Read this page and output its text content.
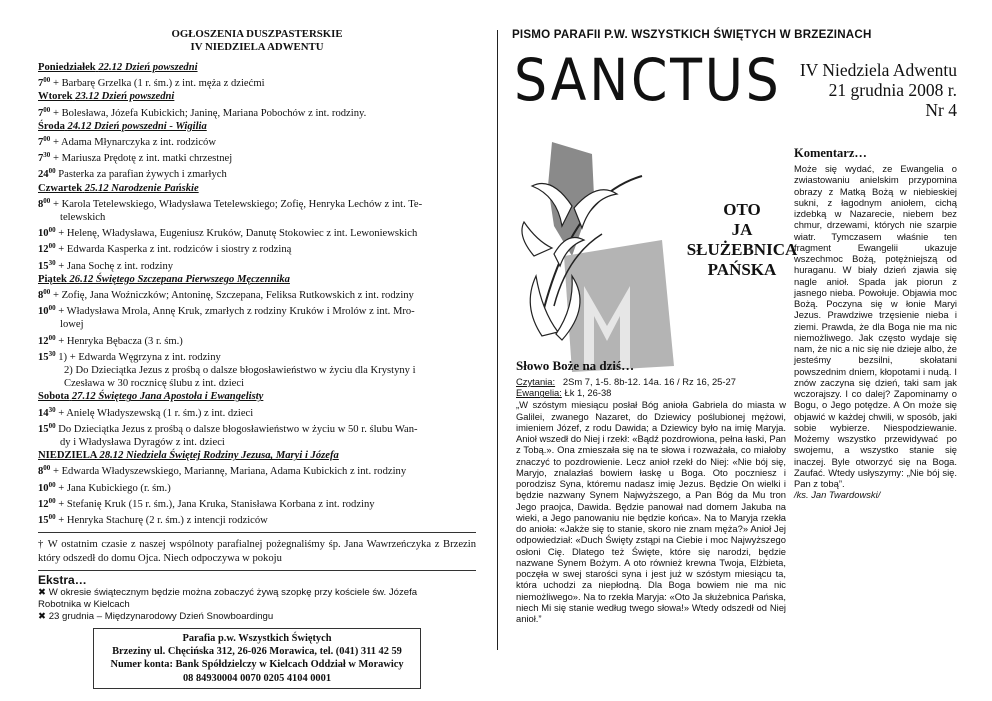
OGŁOSZENIA DUSZPASTERSKIE
IV NIEDZIELA ADWENTU
Poniedziałek 22.12 Dzień powszedni
$7^{00}$ + Barbarę Grzelka (1 r. śm.) z int. męża z dziećmi
Wtorek 23.12 Dzień powszedni
$7^{00}$ + Bolesława, Józefa Kubickich; Janinę, Mariana Pobochów z int. rodziny.
Środa 24.12 Dzień powszedni - Wigilia
$7^{00}$ + Adama Młynarczyka z int. rodziców
$7^{30}$ + Mariusza Prędotę z int. matki chrzestnej
$24^{00}$ Pasterka za parafian żywych i zmarłych
Czwartek 25.12 Narodzenie Pańskie
$8^{00}$ + Karola Tetelewskiego, Władysława Tetelewskiego; Zofię, Henryka Lechów z int. Te-
telewskich
$10^{00}$ + Helenę, Władysława, Eugeniusz Kruków, Danutę Stokowiec z int. Lewoniewskich
$12^{00}$ + Edwarda Kasperka z int. rodziców i siostry z rodziną
$15^{30}$ + Jana Sochę z int. rodziny
Piątek 26.12 Świętego Szczepana Pierwszego Męczennika
$8^{00}$ + Zofię, Jana Woźniczków; Antoninę, Szczepana, Feliksa Rutkowskich z int. rodziny
$10^{00}$ + Władysława Mrola, Annę Kruk, zmarłych z rodziny Kruków i Mrolów z int. Mro-
lowej
$12^{00}$ + Henryka Bębacza (3 r. śm.)
$15^{30}$ 1) + Edwarda Węgrzyna z int. rodziny
2) Do Dzieciątka Jezus z prośbą o dalsze błogosławieństwo w życiu dla Krystyny i
Czesława w 30 rocznicę ślubu z int. dzieci
Sobota 27.12 Świętego Jana Apostoła i Ewangelisty
$14^{30}$ + Anielę Władyszewską (1 r. śm.) z int. dzieci
$15^{00}$ Do Dzieciątka Jezus z prośbą o dalsze błogosławieństwo w życiu w 50 r. ślubu Wan-
dy i Władysława Dyragów z int. dzieci
NIEDZIELA 28.12 Niedziela Świętej Rodziny Jezusa, Maryi i Józefa
$8^{00}$ + Edwarda Władyszewskiego, Mariannę, Mariana, Adama Kubickich z int. rodziny
$10^{00}$ + Jana Kubickiego (r. śm.)
$12^{00}$ + Stefanię Kruk (15 r. śm.), Jana Kruka, Stanisława Korbana z int. rodziny
$15^{00}$ + Henryka Stachurę (2 r. śm.) z intencji rodziców
† W ostatnim czasie z naszej wspólnoty parafialnej pożegnaliśmy śp. Jana Wawrzeńczyka z Brzezin który odszedł do domu Ojca. Niech odpoczywa w pokoju
Ekstra…
✖ W okresie świątecznym będzie można zobaczyć żywą szopkę przy kościele św. Józefa
Robotnika w Kielcach
✖ 23 grudnia – Międzynarodowy Dzień Snowboardingu
Parafia p.w. Wszystkich Świętych
Brzeziny ul. Chęcińska 312, 26-026 Morawica, tel. (041) 311 42 59
Numer konta: Bank Spółdzielczy w Kielcach Oddział w Morawicy
08 84930004 0070 0205 4104 0001
PISMO PARAFII P.W. WSZYSTKICH ŚWIĘTYCH W BRZEZINACH
SANCTUS IV Niedziela Adwentu
21 grudnia 2008 r.
Nr 4
OTO
JA
SŁUŻEBNICA
PAŃSKA
Słowo Boże na dziś…
Czytania: 2Sm 7, 1-5. 8b-12. 14a. 16 / Rz 16, 25-27
Ewangelia: Łk 1, 26-38
„W szóstym miesiącu posłał Bóg anioła Gabriela do miasta w Galilei, zwanego Nazaret, do Dziewicy poślubionej mężowi, imieniem Józef, z rodu Dawida; a Dziewicy było na imię Maryja. Anioł wszedł do Niej i rzekł: «Bądź pozdrowiona, pełna łaski, Pan z Tobą.». Ona zmieszała się na te słowa i rozważała, co miałoby znaczyć to pozdrowienie. Lecz anioł rzekł do Niej: «Nie bój się, Maryjo, znalazłaś bowiem łaskę u Boga. Oto poczniesz i porodzisz Syna, któremu nadasz imię Jezus. Będzie On wielki i będzie nazwany Synem Najwyższego, a Pan Bóg da Mu tron Jego praojca, Dawida. Będzie panował nad domem Jakuba na wieki, a Jego panowaniu nie będzie końca». Na to Maryja rzekła do anioła: «Jakże się to stanie, skoro nie znam męża?» Anioł Jej odpowiedział: «Duch Święty zstąpi na Ciebie i moc Najwyższego osłoni Cię. Dlatego też Święte, które się narodzi, będzie nazwane Synem Bożym. A oto również krewna Twoja, Elżbieta, poczęła w swej starości syna i jest już w szóstym miesiącu ta, która uchodzi za niepłodną. Dla Boga bowiem nie ma nic niemożliwego». Na to rzekła Maryja: «Oto Ja służebnica Pańska, niech Mi się stanie według twego słowa!» Wtedy odszedł od Niej anioł.”
Komentarz…
Może się wydać, ze Ewangelia o zwiastowaniu anielskim przypomina obrazy z Matką Bożą w niebieskiej sukni, z łagodnym aniołem, cichą izdebką w Nazarecie, niebem bez chmur, drzewami, których nie szarpie wiatr. Tymczasem właśnie ten fragment Ewangelii ukazuje wszechmoc Bożą, potężniejszą od huraganu. W biały dzień zjawia się nagle anioł. Spada jak piorun z jasnego nieba. Powołuje. Objawia moc Bożą. Poczyna się w łonie Maryi Jezus. Prawdziwe trzęsienie nieba i ziemi. Prawda, że dla Boga nie ma nic niemożliwego. Jak często wydaje się nam, że nic a nic się nie dzieje albo, że jesteśmy bezsilni, skołatani powszednim dniem, kłopotami i nudą. I znów zaczyna się dzień, taki sam jak wczorajszy. I co dalej? Zapominamy o Bogu, o Jego potędze. A On może się objawić w każdej chwili, w sposób, jaki sobie wybierze. Niespodziewanie. Możemy wszystko przewidywać po swojemu, a wszystko stanie się inaczej. Byle otworzyć się na Boga. Zaufać. Wtedy usłyszymy: „Nie bój się. Pan z tobą”.
/ks. Jan Twardowski/
